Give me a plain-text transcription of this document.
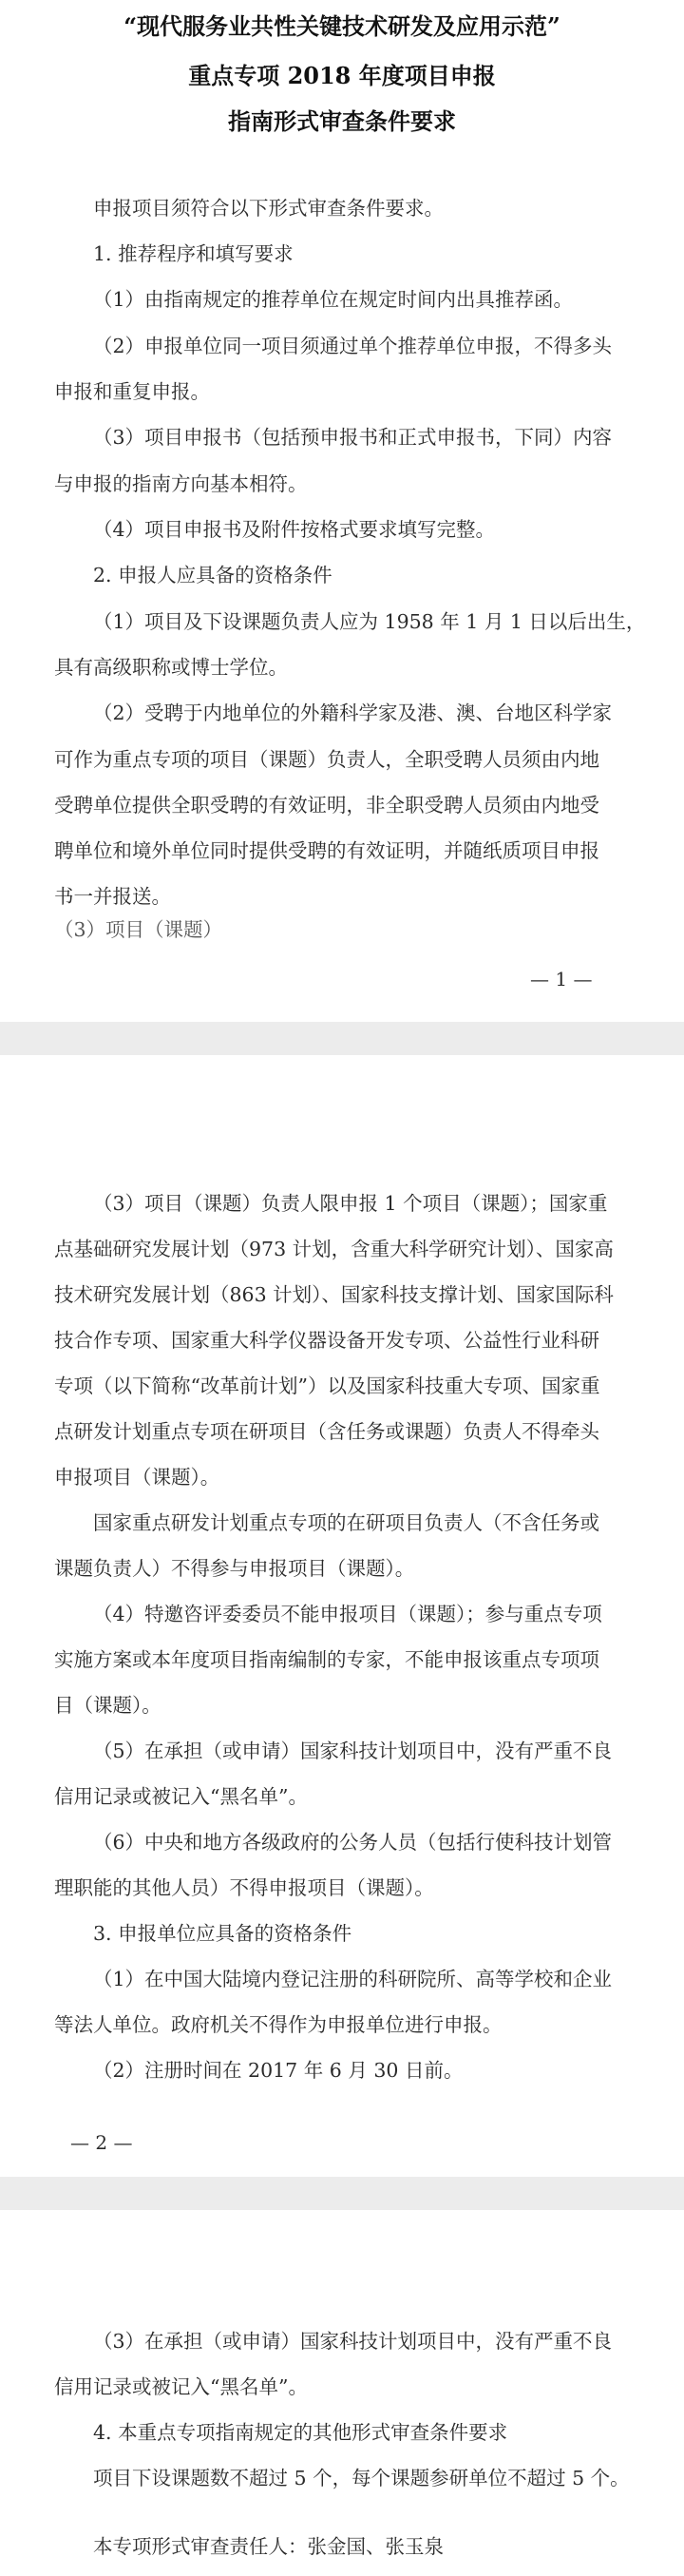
“现代服务业共性关键技术研发及应用示范”
重点专项 2018 年度项目申报
指南形式审查条件要求
申报项目须符合以下形式审查条件要求。
1. 推荐程序和填写要求
（1）由指南规定的推荐单位在规定时间内出具推荐函。
（2）申报单位同一项目须通过单个推荐单位申报，不得多头
申报和重复申报。
（3）项目申报书（包括预申报书和正式申报书，下同）内容
与申报的指南方向基本相符。
（4）项目申报书及附件按格式要求填写完整。
2. 申报人应具备的资格条件
（1）项目及下设课题负责人应为 1958 年 1 月 1 日以后出生，
具有高级职称或博士学位。
（2）受聘于内地单位的外籍科学家及港、澳、台地区科学家
可作为重点专项的项目（课题）负责人，全职受聘人员须由内地
受聘单位提供全职受聘的有效证明，非全职受聘人员须由内地受
聘单位和境外单位同时提供受聘的有效证明，并随纸质项目申报
书一并报送。
（3）项目（课题）
— 1 —
（3）项目（课题）负责人限申报 1 个项目（课题）；国家重
点基础研究发展计划（973 计划，含重大科学研究计划）、国家高
技术研究发展计划（863 计划）、国家科技支撑计划、国家国际科
技合作专项、国家重大科学仪器设备开发专项、公益性行业科研
专项（以下简称“改革前计划”）以及国家科技重大专项、国家重
点研发计划重点专项在研项目（含任务或课题）负责人不得牵头
申报项目（课题）。
国家重点研发计划重点专项的在研项目负责人（不含任务或
课题负责人）不得参与申报项目（课题）。
（4）特邀咨评委委员不能申报项目（课题）；参与重点专项
实施方案或本年度项目指南编制的专家，不能申报该重点专项项
目（课题）。
（5）在承担（或申请）国家科技计划项目中，没有严重不良
信用记录或被记入“黑名单”。
（6）中央和地方各级政府的公务人员（包括行使科技计划管
理职能的其他人员）不得申报项目（课题）。
3. 申报单位应具备的资格条件
（1）在中国大陆境内登记注册的科研院所、高等学校和企业
等法人单位。政府机关不得作为申报单位进行申报。
（2）注册时间在 2017 年 6 月 30 日前。
— 2 —
（3）在承担（或申请）国家科技计划项目中，没有严重不良
信用记录或被记入“黑名单”。
4. 本重点专项指南规定的其他形式审查条件要求
项目下设课题数不超过 5 个，每个课题参研单位不超过 5 个。
本专项形式审查责任人：张金国、张玉泉
